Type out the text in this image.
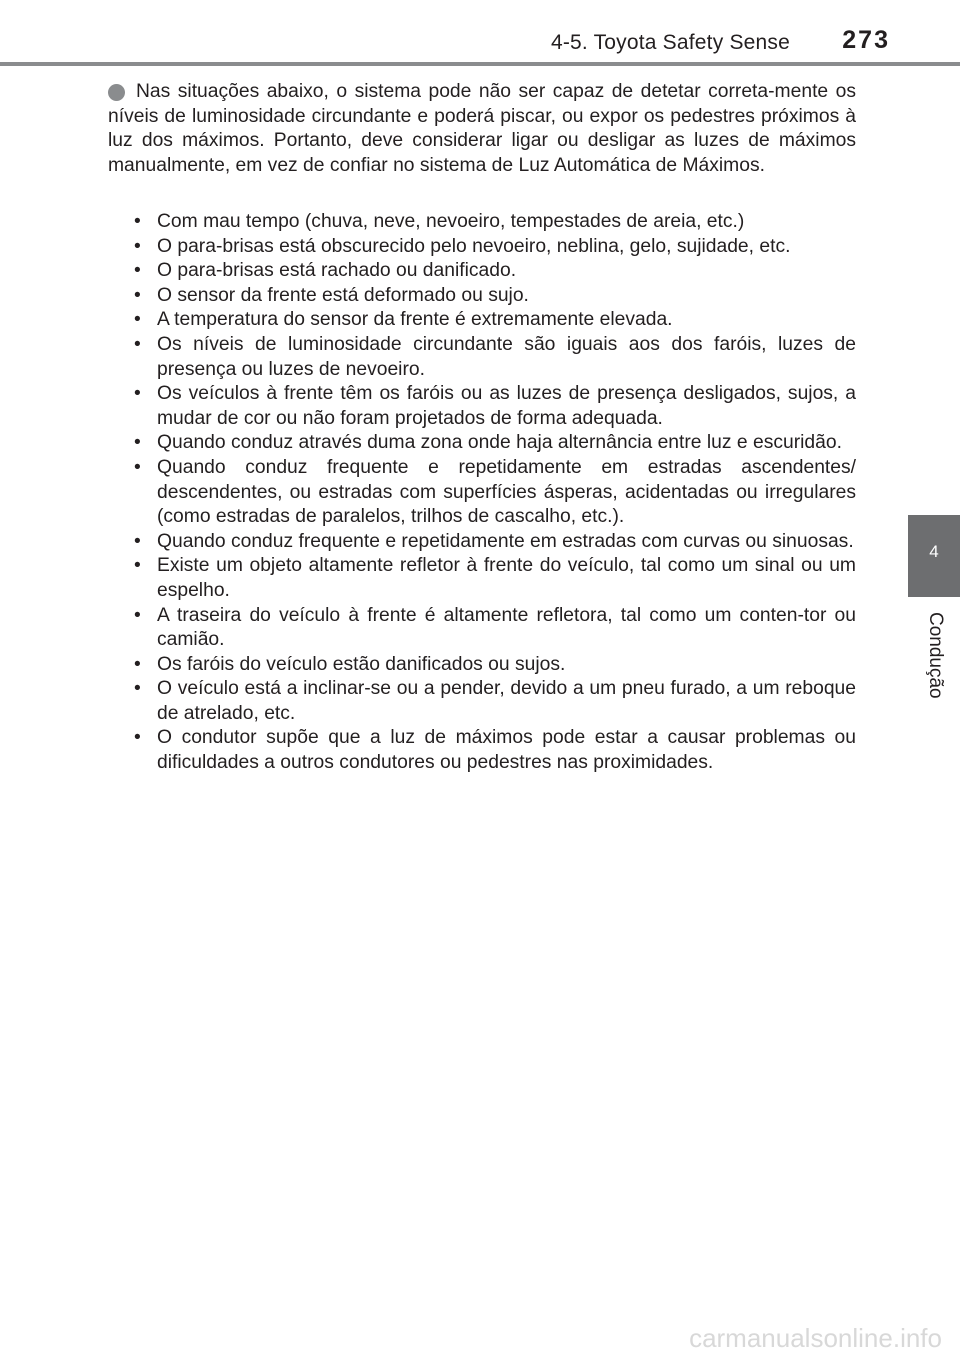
4-5. Toyota Safety Sense 273
4
Condução

Nas situações abaixo, o sistema pode não ser capaz de detetar correta-mente os níveis de luminosidade circundante e poderá piscar, ou expor os pedestres próximos à luz dos máximos. Portanto, deve considerar ligar ou desligar as luzes de máximos manualmente, em vez de confiar no sistema de Luz Automática de Máximos.

• Com mau tempo (chuva, neve, nevoeiro, tempestades de areia, etc.)
• O para-brisas está obscurecido pelo nevoeiro, neblina, gelo, sujidade, etc.
• O para-brisas está rachado ou danificado.
• O sensor da frente está deformado ou sujo.
• A temperatura do sensor da frente é extremamente elevada.
• Os níveis de luminosidade circundante são iguais aos dos faróis, luzes de presença ou luzes de nevoeiro.
• Os veículos à frente têm os faróis ou as luzes de presença desligados, sujos, a mudar de cor ou não foram projetados de forma adequada.
• Quando conduz através duma zona onde haja alternância entre luz e escuridão.
• Quando conduz frequente e repetidamente em estradas ascendentes/ descendentes, ou estradas com superfícies ásperas, acidentadas ou irregulares (como estradas de paralelos, trilhos de cascalho, etc.).
• Quando conduz frequente e repetidamente em estradas com curvas ou sinuosas.
• Existe um objeto altamente refletor à frente do veículo, tal como um sinal ou um espelho.
• A traseira do veículo à frente é altamente refletora, tal como um conten-tor ou camião.
• Os faróis do veículo estão danificados ou sujos.
• O veículo está a inclinar-se ou a pender, devido a um pneu furado, a um reboque de atrelado, etc.
• O condutor supõe que a luz de máximos pode estar a causar problemas ou dificuldades a outros condutores ou pedestres nas proximidades.
carmanualsonline.info
